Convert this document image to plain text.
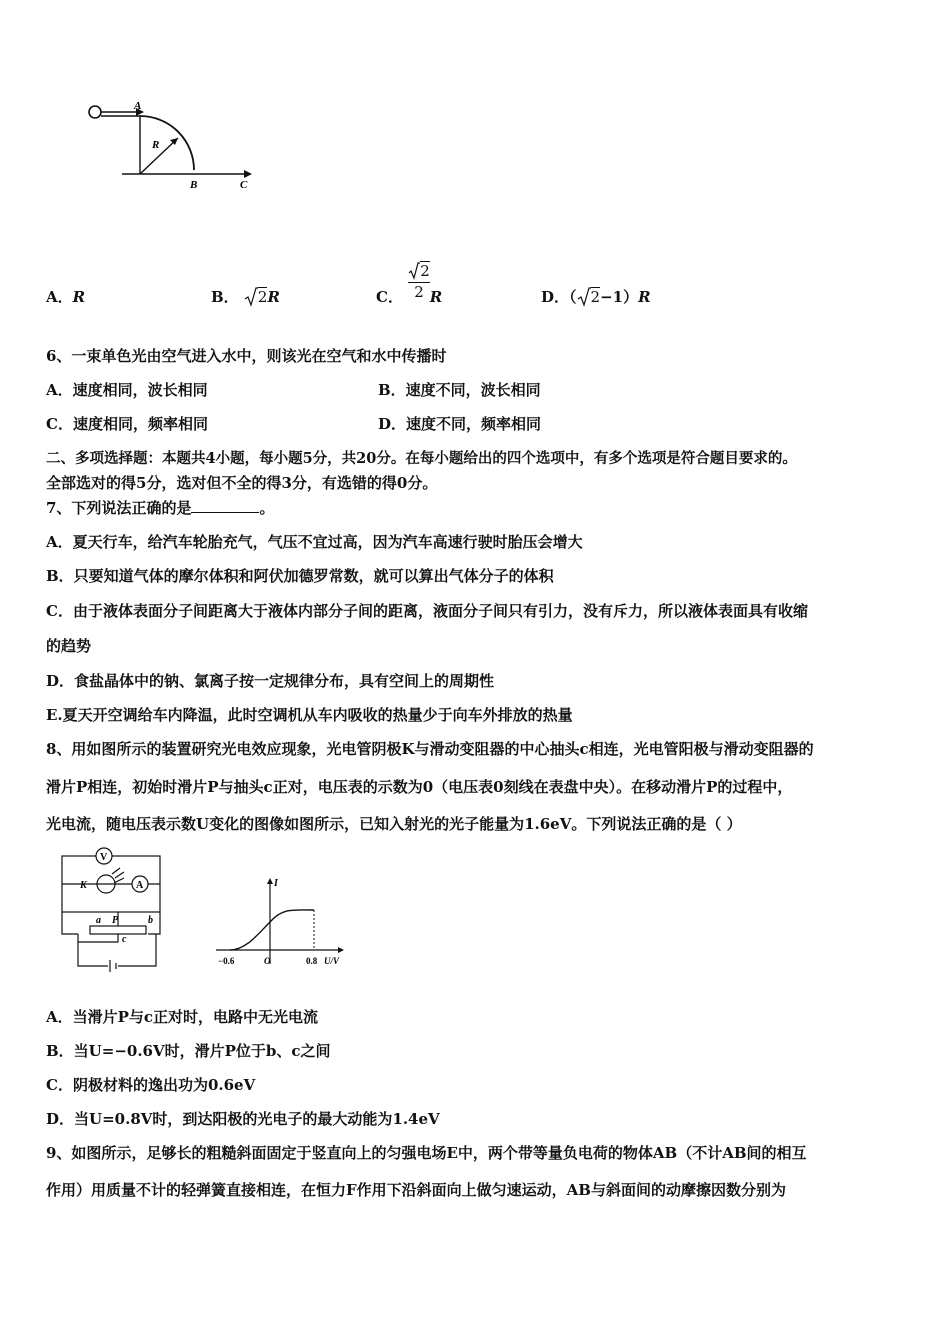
A
R
B	C
A．R	B． 2R	C． $\frac{2}{2}$ R	D．（ 2−1）R
6、一束单色光由空气进入水中，则该光在空气和水中传播时
A．速度相同，波长相同	B．速度不同，波长相同
C．速度相同，频率相同	D．速度不同，频率相同
二、多项选择题：本题共4小题，每小题5分，共20分。在每小题给出的四个选项中，有多个选项是符合题目要求的。
全部选对的得5分，选对但不全的得3分，有选错的得0分。
7、下列说法正确的是	。
A．夏天行车，给汽车轮胎充气，气压不宜过高，因为汽车高速行驶时胎压会增大
B．只要知道气体的摩尔体积和阿伏加德罗常数，就可以算出气体分子的体积
C．由于液体表面分子间距离大于液体内部分子间的距离，液面分子间只有引力，没有斥力，所以液体表面具有收缩
的趋势
D．食盐晶体中的钠、氯离子按一定规律分布，具有空间上的周期性
E.夏天开空调给车内降温，此时空调机从车内吸收的热量少于向车外排放的热量
8、用如图所示的装置研究光电效应现象，光电管阴极K与滑动变阻器的中心抽头c相连，光电管阳极与滑动变阻器的
滑片P相连，初始时滑片P与抽头c正对，电压表的示数为0（电压表0刻线在表盘中央）。在移动滑片P的过程中，
光电流，随电压表示数U变化的图像如图所示，已知入射光的光子能量为1.6eV。下列说法正确的是（ ）
V
A
K
a P	b
c
I
−0.6	O	0.8 U/V
A．当滑片P与c正对时，电路中无光电流
B．当U=−0.6V时，滑片P位于b、c之间
C．阴极材料的逸出功为0.6eV
D．当U=0.8V时，到达阳极的光电子的最大动能为1.4eV
9、如图所示，足够长的粗糙斜面固定于竖直向上的匀强电场E中，两个带等量负电荷的物体AB（不计AB间的相互
作用）用质量不计的轻弹簧直接相连，在恒力F作用下沿斜面向上做匀速运动，AB与斜面间的动摩擦因数分别为
